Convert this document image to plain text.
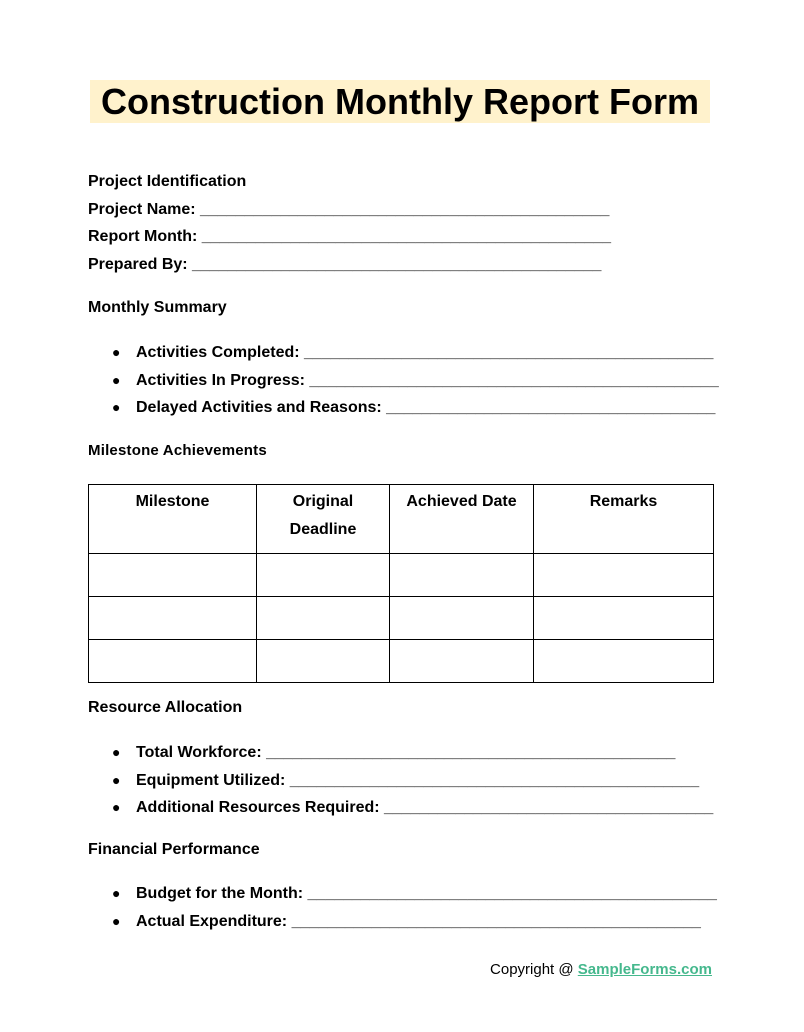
Construction Monthly Report Form
Project Identification
Project Name: ______________________________________________
Report Month: ______________________________________________
Prepared By: ______________________________________________
Monthly Summary
● Activities Completed: ______________________________________________
● Activities In Progress: ______________________________________________
● Delayed Activities and Reasons: _____________________________________
Milestone Achievements
Milestone	Original Deadline	Achieved Date	Remarks

Resource Allocation
● Total Workforce: ______________________________________________
● Equipment Utilized: ______________________________________________
● Additional Resources Required: _____________________________________
Financial Performance
● Budget for the Month: ______________________________________________
● Actual Expenditure: ______________________________________________
Copyright @ SampleForms.com
